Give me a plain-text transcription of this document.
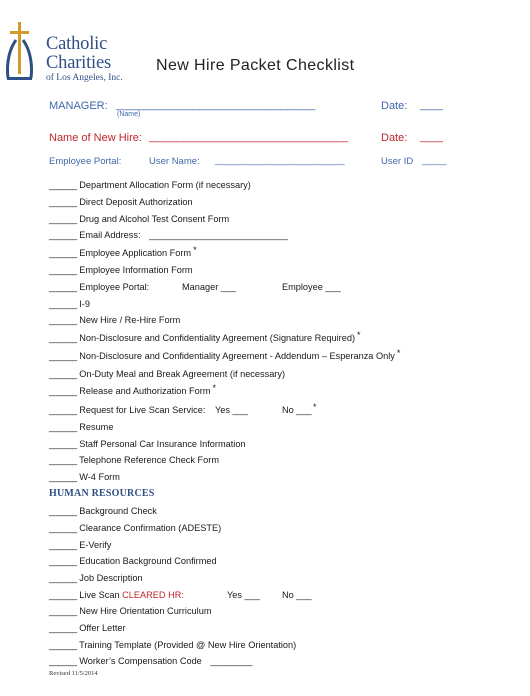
Catholic
Charities
of Los Angeles, Inc.
New Hire Packet Checklist
MANAGER: ____________________________________
(Name)
Date: ____
Name of New Hire: ____________________________________	Date: ____
Employee Portal:	User Name: ___________________________	User ID _____
______ Department Allocation Form (if necessary)
______ Direct Deposit Authorization
______ Drug and Alcohol Test Consent Form
______ Email Address: ______________________________
______ Employee Application Form *
______ Employee Information Form
______ Employee Portal:	Manager ___	Employee ___
______ I-9
______ New Hire / Re-Hire Form
______ Non-Disclosure and Confidentiality Agreement (Signature Required) *
______ Non-Disclosure and Confidentiality Agreement - Addendum – Esperanza Only *
______ On-Duty Meal and Break Agreement (if necessary)
______ Release and Authorization Form *
______ Request for Live Scan Service: Yes ___	No ___ *
______ Resume
______ Staff Personal Car Insurance Information
______ Telephone Reference Check Form
______ W-4 Form
HUMAN RESOURCES
______ Background Check
______ Clearance Confirmation (ADESTE)
______ E-Verify
______ Education Background Confirmed
______ Job Description
______ Live Scan CLEARED HR:	Yes ___ No ___
______ New Hire Orientation Curriculum
______ Offer Letter
______ Training Template (Provided @ New Hire Orientation)
______ Worker’s Compensation Code _________
Revised 11/5/2014
